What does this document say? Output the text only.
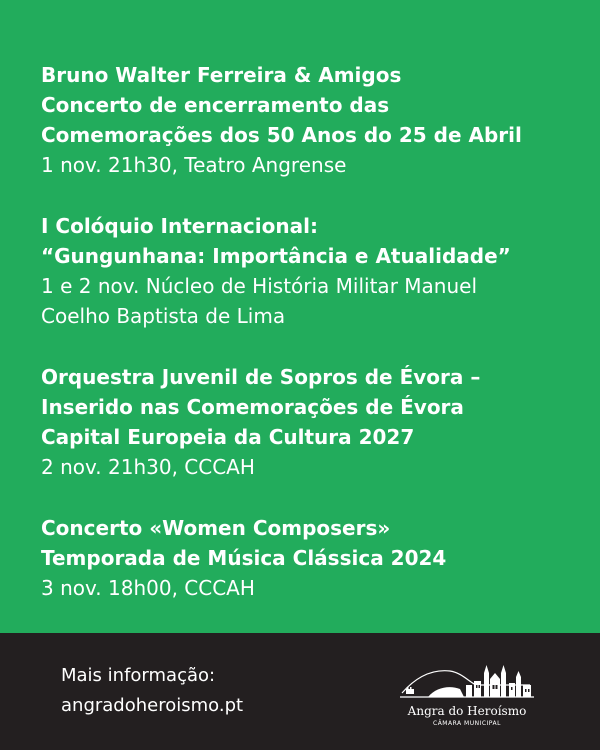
Bruno Walter Ferreira & Amigos
Concerto de encerramento das
Comemorações dos 50 Anos do 25 de Abril
1 nov. 21h30, Teatro Angrense
I Colóquio Internacional:
“Gungunhana: Importância e Atualidade”
1 e 2 nov. Núcleo de História Militar Manuel
Coelho Baptista de Lima
Orquestra Juvenil de Sopros de Évora –
Inserido nas Comemorações de Évora
Capital Europeia da Cultura 2027
2 nov. 21h30, CCCAH
Concerto «Women Composers»
Temporada de Música Clássica 2024
3 nov. 18h00, CCCAH
Mais informação:
angradoheroismo.pt	Angra do Heroísmo
CÂMARA MUNICIPAL
